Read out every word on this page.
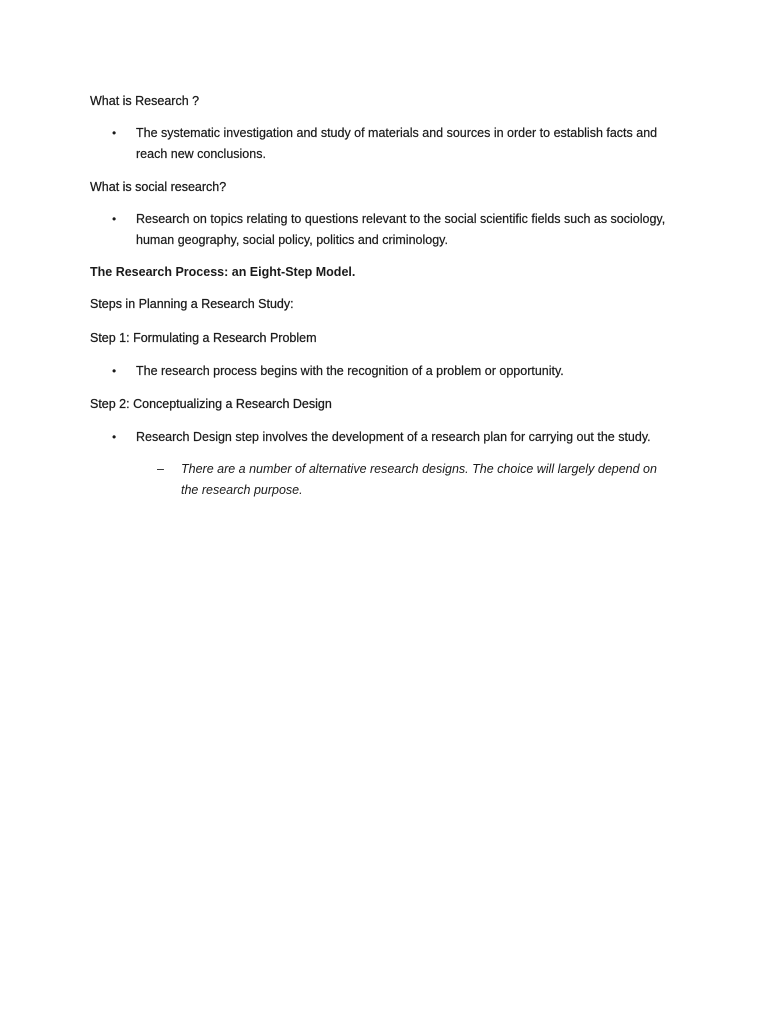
What is Research ?
• The systematic investigation and study of materials and sources in order to establish facts and reach new conclusions.
What is social research?
• Research on topics relating to questions relevant to the social scientific fields such as sociology, human geography, social policy, politics and criminology.
The Research Process: an Eight-Step Model.
Steps in Planning a Research Study:
Step 1: Formulating a Research Problem
• The research process begins with the recognition of a problem or opportunity.
Step 2: Conceptualizing a Research Design
• Research Design step involves the development of a research plan for carrying out the study.
– There are a number of alternative research designs. The choice will largely depend on the research purpose.
